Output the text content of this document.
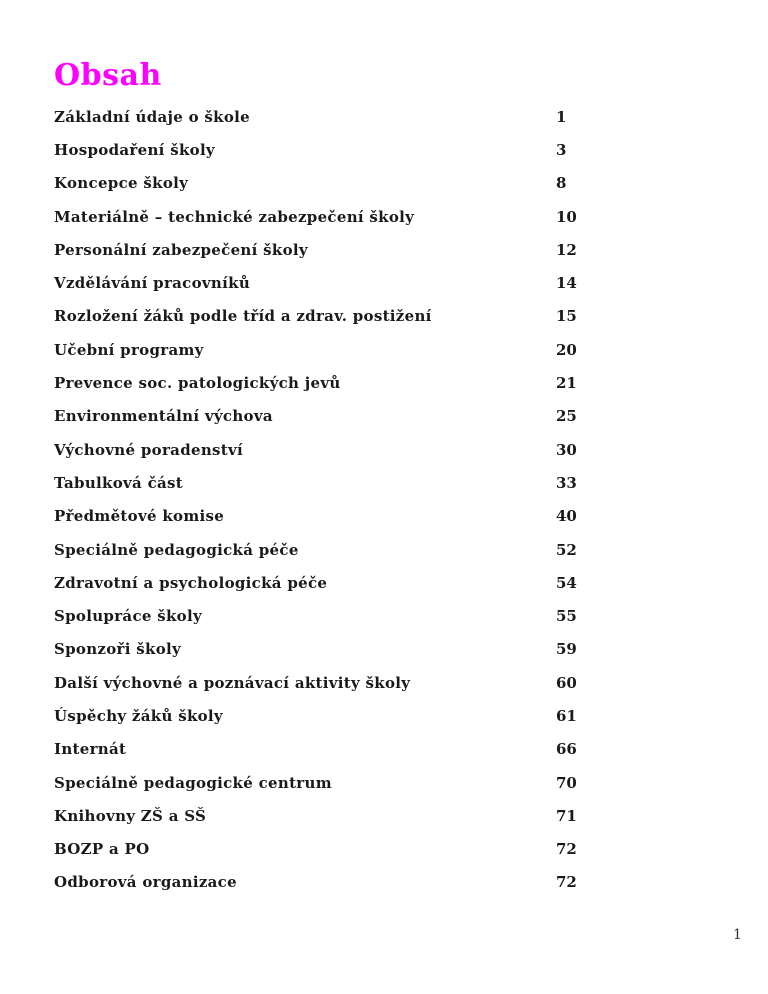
Obsah
Základní údaje o škole	1
Hospodaření školy	3
Koncepce školy	8
Materiálně – technické zabezpečení školy	10
Personální zabezpečení školy	12
Vzdělávání pracovníků	14
Rozložení žáků podle tříd a zdrav. postižení	15
Učební programy	20
Prevence soc. patologických jevů	21
Environmentální výchova	25
Výchovné poradenství	30
Tabulková část	33
Předmětové komise	40
Speciálně pedagogická péče	52
Zdravotní a psychologická péče	54
Spolupráce školy	55
Sponzoři školy	59
Další výchovné a poznávací aktivity školy	60
Úspěchy žáků školy	61
Internát	66
Speciálně pedagogické centrum	70
Knihovny ZŠ a SŠ	71
BOZP a PO	72
Odborová organizace	72
1
